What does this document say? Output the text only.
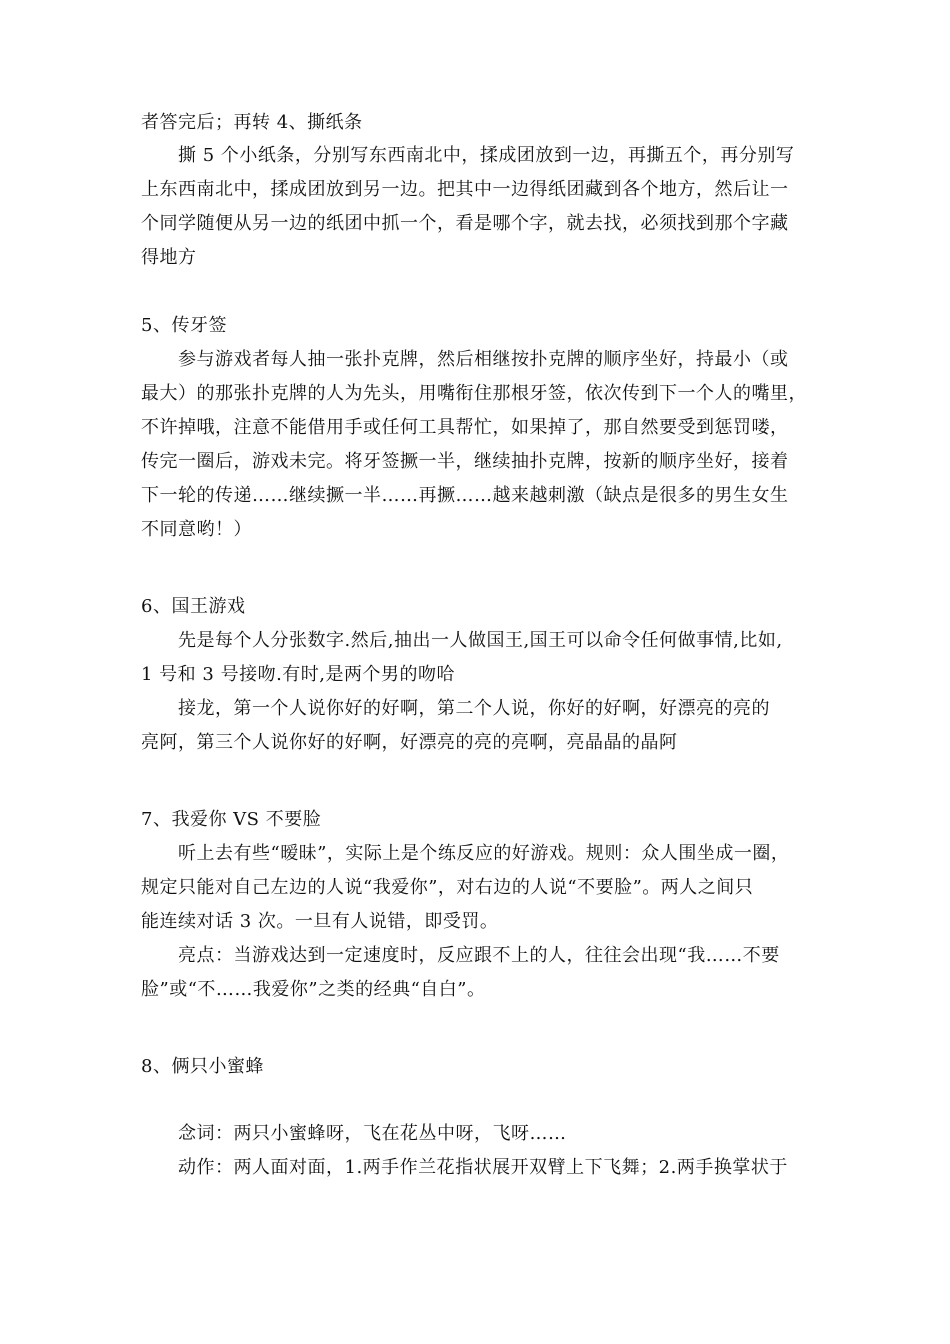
者答完后；再转 4、撕纸条
撕 5 个小纸条，分别写东西南北中，揉成团放到一边，再撕五个，再分别写
上东西南北中，揉成团放到另一边。把其中一边得纸团藏到各个地方，然后让一
个同学随便从另一边的纸团中抓一个，看是哪个字，就去找，必须找到那个字藏
得地方
5、传牙签
参与游戏者每人抽一张扑克牌，然后相继按扑克牌的顺序坐好，持最小（或
最大）的那张扑克牌的人为先头，用嘴衔住那根牙签，依次传到下一个人的嘴里，
不许掉哦，注意不能借用手或任何工具帮忙，如果掉了，那自然要受到惩罚喽，
传完一圈后，游戏未完。将牙签撅一半，继续抽扑克牌，按新的顺序坐好，接着
下一轮的传递……继续撅一半……再撅……越来越刺激（缺点是很多的男生女生
不同意哟！）
6、国王游戏
先是每个人分张数字.然后,抽出一人做国王,国王可以命令任何做事情,比如,
1 号和 3 号接吻.有时,是两个男的吻哈
接龙，第一个人说你好的好啊，第二个人说，你好的好啊，好漂亮的亮的
亮阿，第三个人说你好的好啊，好漂亮的亮的亮啊，亮晶晶的晶阿
7、我爱你 VS 不要脸
听上去有些“暧昧”，实际上是个练反应的好游戏。规则：众人围坐成一圈，
规定只能对自己左边的人说“我爱你”，对右边的人说“不要脸”。两人之间只
能连续对话 3 次。一旦有人说错，即受罚。
亮点：当游戏达到一定速度时，反应跟不上的人，往往会出现“我……不要
脸”或“不……我爱你”之类的经典“自白”。
8、俩只小蜜蜂
念词：两只小蜜蜂呀，飞在花丛中呀，飞呀……
动作：两人面对面，1.两手作兰花指状展开双臂上下飞舞；2.两手换掌状于
